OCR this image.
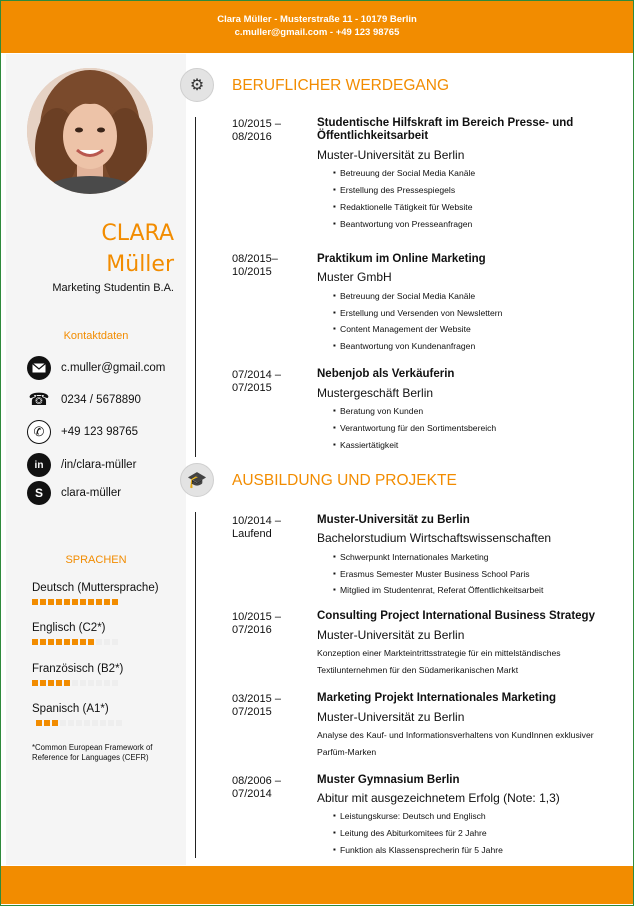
Clara Müller - Musterstraße 11 - 10179 Berlin
c.muller@gmail.com - +49 123 98765
CLARA
Müller
Marketing Studentin B.A.
Kontaktdaten
c.muller@gmail.com
☎ 0234 / 5678890
✆	+49 123 98765
in	/in/clara-müller
S	clara-müller
SPRACHEN
Deutsch (Muttersprache)
Englisch (C2*)
Französisch (B2*)
Spanisch (A1*)
*Common European Framework of Reference for Languages (CEFR)
⚙	BERUFLICHER WERDEGANG
10/2015 –
08/2016
Studentische Hilfskraft im Bereich Presse- und Öffentlichkeitsarbeit
Muster-Universität zu Berlin
▪ Betreuung der Social Media Kanäle
▪ Erstellung des Pressespiegels
▪ Redaktionelle Tätigkeit für Website
▪ Beantwortung von Presseanfragen
08/2015–
10/2015
Praktikum im Online Marketing
Muster GmbH
▪ Betreuung der Social Media Kanäle
▪ Erstellung und Versenden von Newslettern
▪ Content Management der Website
▪ Beantwortung von Kundenanfragen
07/2014 –
07/2015
Nebenjob als Verkäuferin
Mustergeschäft Berlin
▪ Beratung von Kunden
▪ Verantwortung für den Sortimentsbereich
▪ Kassiertätigkeit
🎓	AUSBILDUNG UND PROJEKTE
10/2014 –
Laufend
Muster-Universität zu Berlin
Bachelorstudium Wirtschaftswissenschaften
▪ Schwerpunkt Internationales Marketing
▪ Erasmus Semester Muster Business School Paris
▪ Mitglied im Studentenrat, Referat Öffentlichkeitsarbeit
10/2015 –
07/2016
Consulting Project International Business Strategy
Muster-Universität zu Berlin
Konzeption einer Markteintrittsstrategie für ein mittelständisches Textilunternehmen für den Südamerikanischen Markt
03/2015 –
07/2015
Marketing Projekt Internationales Marketing
Muster-Universität zu Berlin
Analyse des Kauf- und Informationsverhaltens von KundInnen exklusiver Parfüm-Marken
08/2006 –
07/2014
Muster Gymnasium Berlin
Abitur mit ausgezeichnetem Erfolg (Note: 1,3)
▪ Leistungskurse: Deutsch und Englisch
▪ Leitung des Abiturkomitees für 2 Jahre
▪ Funktion als Klassensprecherin für 5 Jahre
